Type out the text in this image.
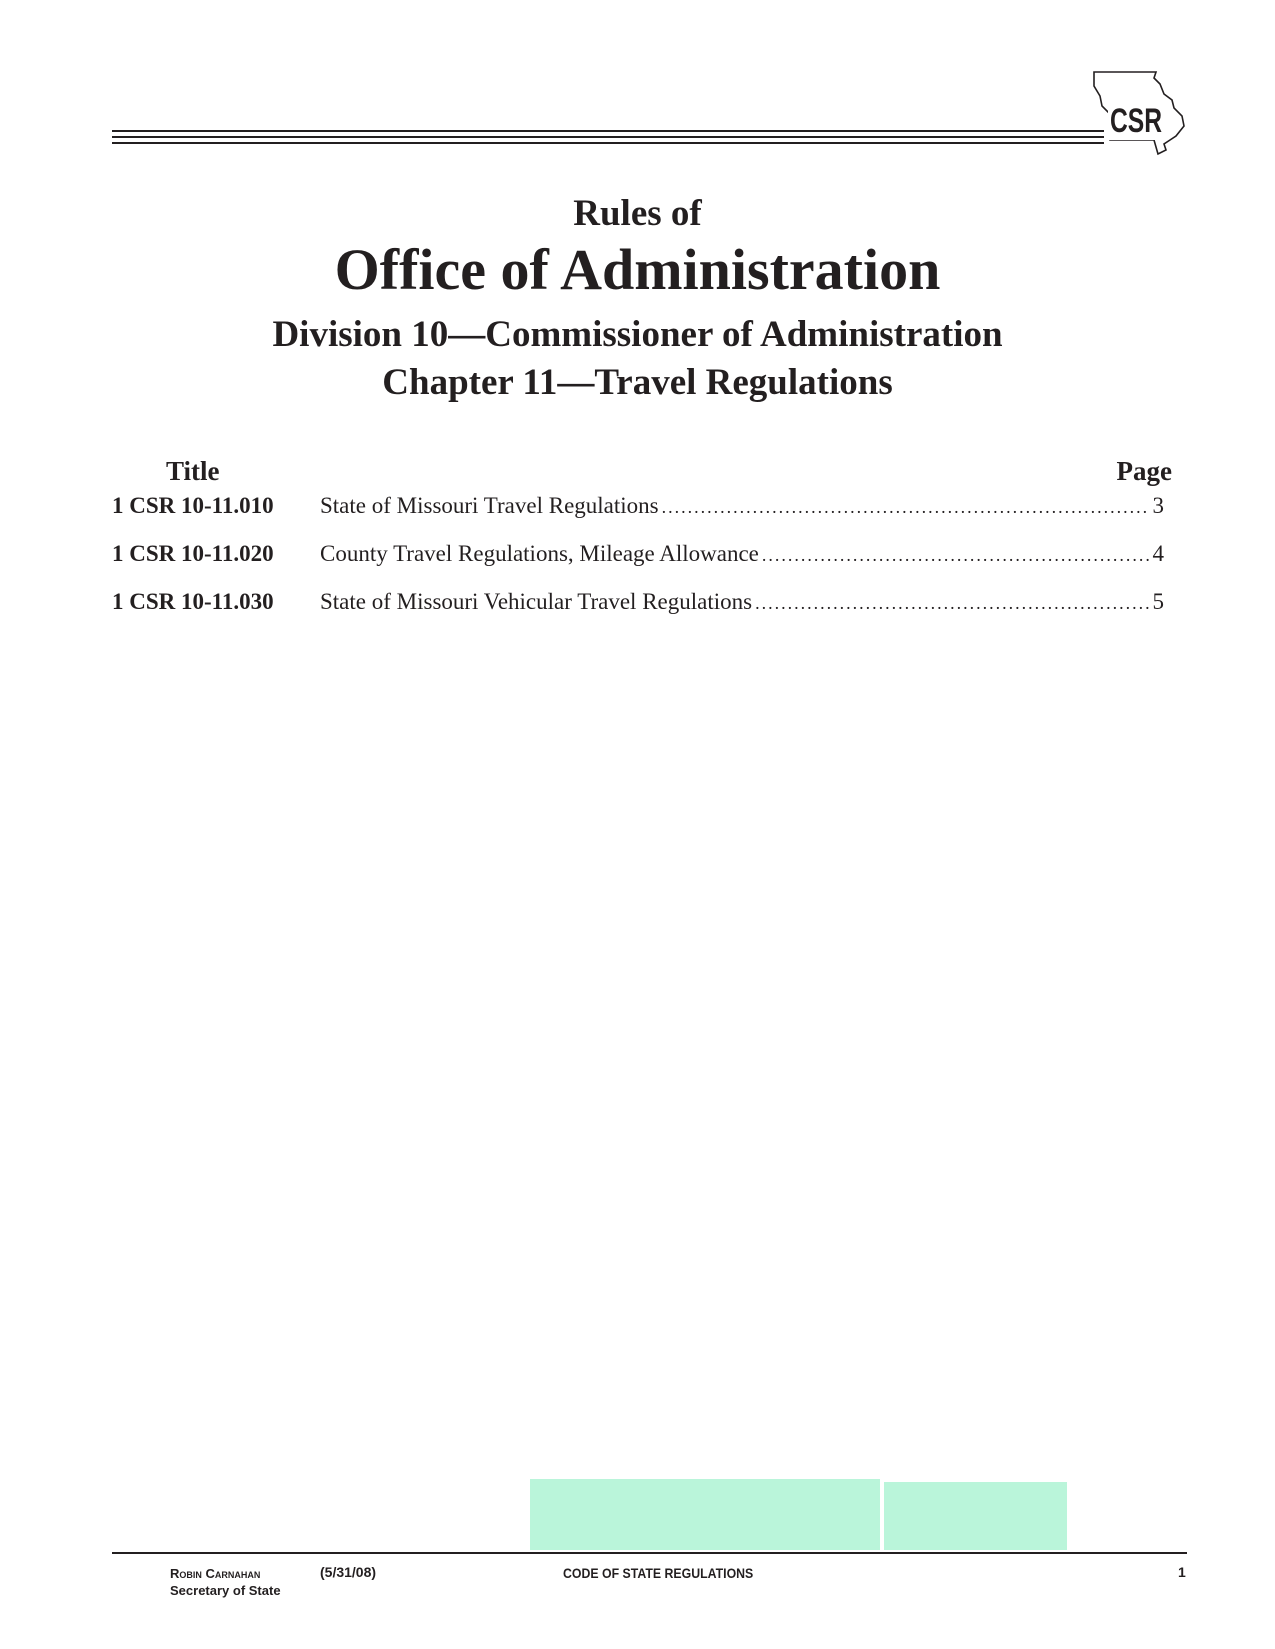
CSR
Rules of
Office of Administration
Division 10—Commissioner of Administration
Chapter 11—Travel Regulations
Title	Page
1 CSR 10-11.010 State of Missouri Travel Regulations .....	3
1 CSR 10-11.020 County Travel Regulations, Mileage Allowance .....	4
1 CSR 10-11.030 State of Missouri Vehicular Travel Regulations .....	5
Robin Carnahan
Secretary of State
(5/31/08)	CODE OF STATE REGULATIONS	1
